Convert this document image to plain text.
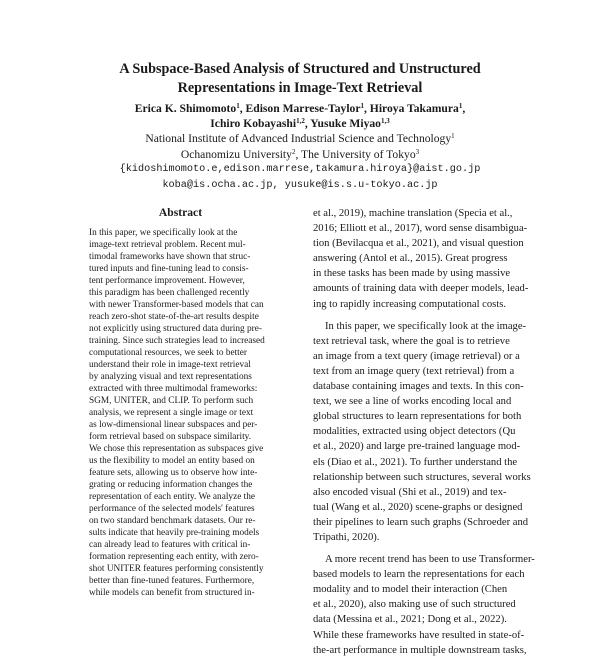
A Subspace-Based Analysis of Structured and Unstructured
Representations in Image-Text Retrieval
Erica K. Shimomoto$^1$, Edison Marrese-Taylor$^1$, Hiroya Takamura$^1$,
Ichiro Kobayashi$^{1,2}$, Yusuke Miyao$^{1,3}$
National Institute of Advanced Industrial Science and Technology$^1$
Ochanomizu University$^2$, The University of Tokyo$^3$
{kidoshimomoto.e,edison.marrese,takamura.hiroya}@aist.go.jp
koba@is.ocha.ac.jp, yusuke@is.s.u-tokyo.ac.jp
Abstract
In this paper, we specifically look at the
image-text retrieval problem. Recent mul-
timodal frameworks have shown that struc-
tured inputs and fine-tuning lead to consis-
tent performance improvement. However,
this paradigm has been challenged recently
with newer Transformer-based models that can
reach zero-shot state-of-the-art results despite
not explicitly using structured data during pre-
training. Since such strategies lead to increased
computational resources, we seek to better
understand their role in image-text retrieval
by analyzing visual and text representations
extracted with three multimodal frameworks:
SGM, UNITER, and CLIP. To perform such
analysis, we represent a single image or text
as low-dimensional linear subspaces and per-
form retrieval based on subspace similarity.
We chose this representation as subspaces give
us the flexibility to model an entity based on
feature sets, allowing us to observe how inte-
grating or reducing information changes the
representation of each entity. We analyze the
performance of the selected models' features
on two standard benchmark datasets. Our re-
sults indicate that heavily pre-training models
can already lead to features with critical in-
formation representing each entity, with zero-
shot UNITER features performing consistently
better than fine-tuned features. Furthermore,
while models can benefit from structured in-

et al., 2019), machine translation (Specia et al.,
2016; Elliott et al., 2017), word sense disambigua-
tion (Bevilacqua et al., 2021), and visual question
answering (Antol et al., 2015). Great progress
in these tasks has been made by using massive
amounts of training data with deeper models, lead-
ing to rapidly increasing computational costs.

In this paper, we specifically look at the image-
text retrieval task, where the goal is to retrieve
an image from a text query (image retrieval) or a
text from an image query (text retrieval) from a
database containing images and texts. In this con-
text, we see a line of works encoding local and
global structures to learn representations for both
modalities, extracted using object detectors (Qu
et al., 2020) and large pre-trained language mod-
els (Diao et al., 2021). To further understand the
relationship between such structures, several works
also encoded visual (Shi et al., 2019) and tex-
tual (Wang et al., 2020) scene-graphs or designed
their pipelines to learn such graphs (Schroeder and
Tripathi, 2020).

A more recent trend has been to use Transformer-
based models to learn the representations for each
modality and to model their interaction (Chen
et al., 2020), also making use of such structured
data (Messina et al., 2021; Dong et al., 2022).
While these frameworks have resulted in state-of-
the-art performance in multiple downstream tasks,
